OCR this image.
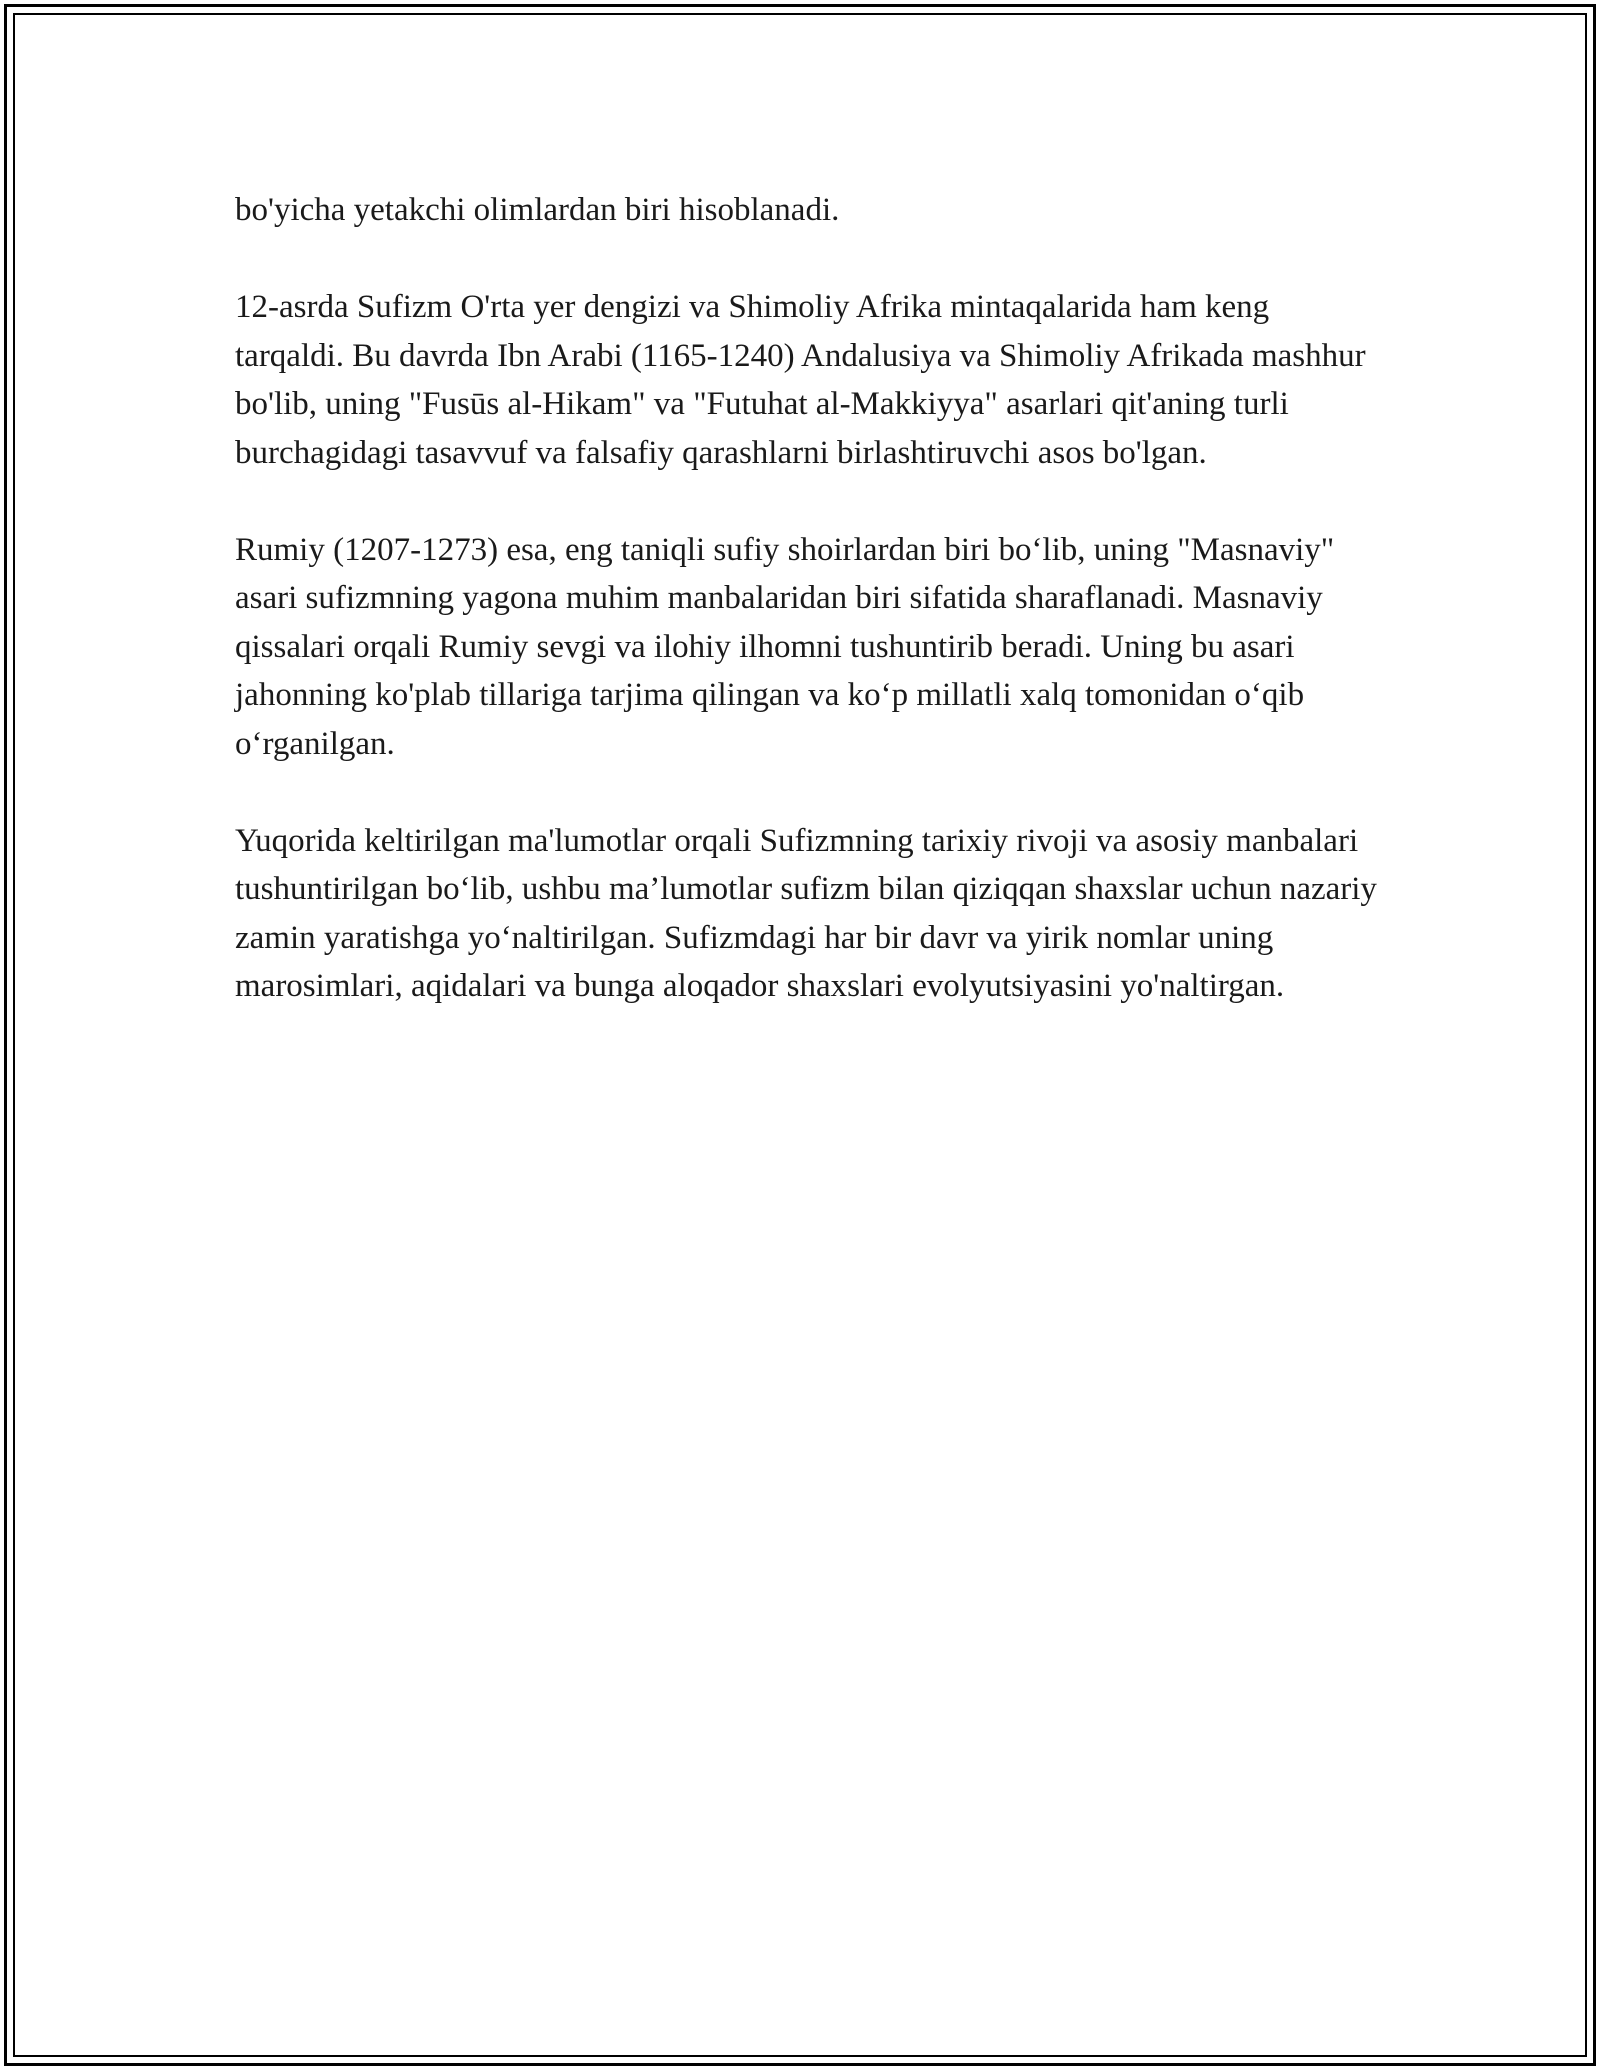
bo'yicha yetakchi olimlardan biri hisoblanadi.

12-asrda Sufizm O'rta yer dengizi va Shimoliy Afrika mintaqalarida ham keng tarqaldi. Bu davrda Ibn Arabi (1165-1240) Andalusiya va Shimoliy Afrikada mashhur bo'lib, uning "Fusūs al-Hikam" va "Futuhat al-Makkiyya" asarlari qit'aning turli burchagidagi tasavvuf va falsafiy qarashlarni birlashtiruvchi asos bo'lgan.

Rumiy (1207-1273) esa, eng taniqli sufiy shoirlardan biri bo‘lib, uning "Masnaviy" asari sufizmning yagona muhim manbalaridan biri sifatida sharaflanadi. Masnaviy qissalari orqali Rumiy sevgi va ilohiy ilhomni tushuntirib beradi. Uning bu asari jahonning ko'plab tillariga tarjima qilingan va ko‘p millatli xalq tomonidan o‘qib o‘rganilgan.

Yuqorida keltirilgan ma'lumotlar orqali Sufizmning tarixiy rivoji va asosiy manbalari tushuntirilgan bo‘lib, ushbu ma’lumotlar sufizm bilan qiziqqan shaxslar uchun nazariy zamin yaratishga yo‘naltirilgan. Sufizmdagi har bir davr va yirik nomlar uning marosimlari, aqidalari va bunga aloqador shaxslari evolyutsiyasini yo'naltirgan.
